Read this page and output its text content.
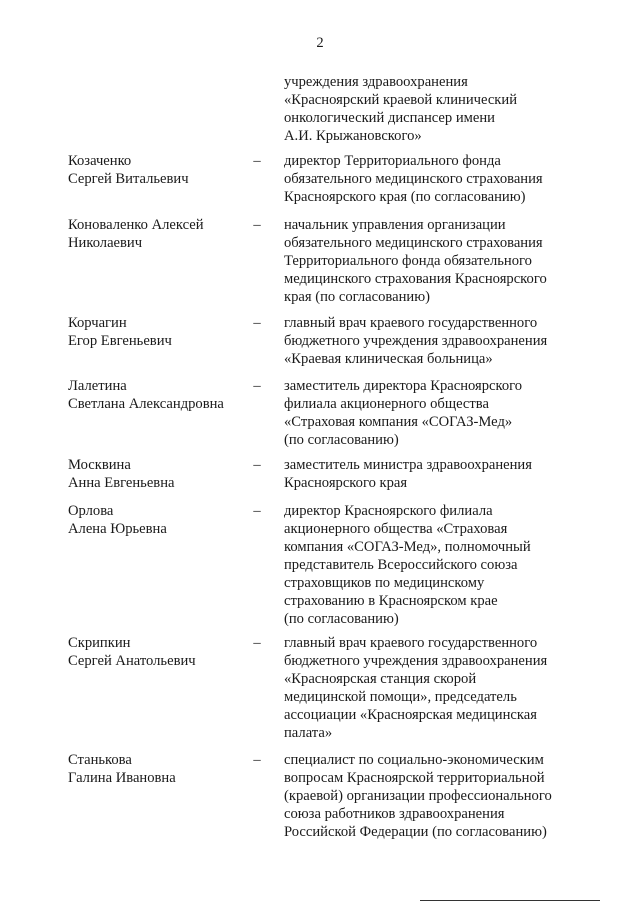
2
учреждения здравоохранения
«Красноярский краевой клинический
онкологический диспансер имени
А.И. Крыжановского»
Козаченко
Сергей Витальевич
– директор Территориального фонда
обязательного медицинского страхования
Красноярского края (по согласованию)
Коноваленко Алексей
Николаевич
– начальник управления организации
обязательного медицинского страхования
Территориального фонда обязательного
медицинского страхования Красноярского
края (по согласованию)
Корчагин
Егор Евгеньевич
– главный врач краевого государственного
бюджетного учреждения здравоохранения
«Краевая клиническая больница»
Лалетина
Светлана Александровна
– заместитель директора Красноярского
филиала акционерного общества
«Страховая компания «СОГАЗ-Мед»
(по согласованию)
Москвина
Анна Евгеньевна
– заместитель министра здравоохранения
Красноярского края
Орлова
Алена Юрьевна
– директор Красноярского филиала
акционерного общества «Страховая
компания «СОГАЗ-Мед», полномочный
представитель Всероссийского союза
страховщиков по медицинскому
страхованию в Красноярском крае
(по согласованию)
Скрипкин
Сергей Анатольевич
– главный врач краевого государственного
бюджетного учреждения здравоохранения
«Красноярская станция скорой
медицинской помощи», председатель
ассоциации «Красноярская медицинская
палата»
Станькова
Галина Ивановна
– специалист по социально-экономическим
вопросам Красноярской территориальной
(краевой) организации профессионального
союза работников здравоохранения
Российской Федерации (по согласованию)
